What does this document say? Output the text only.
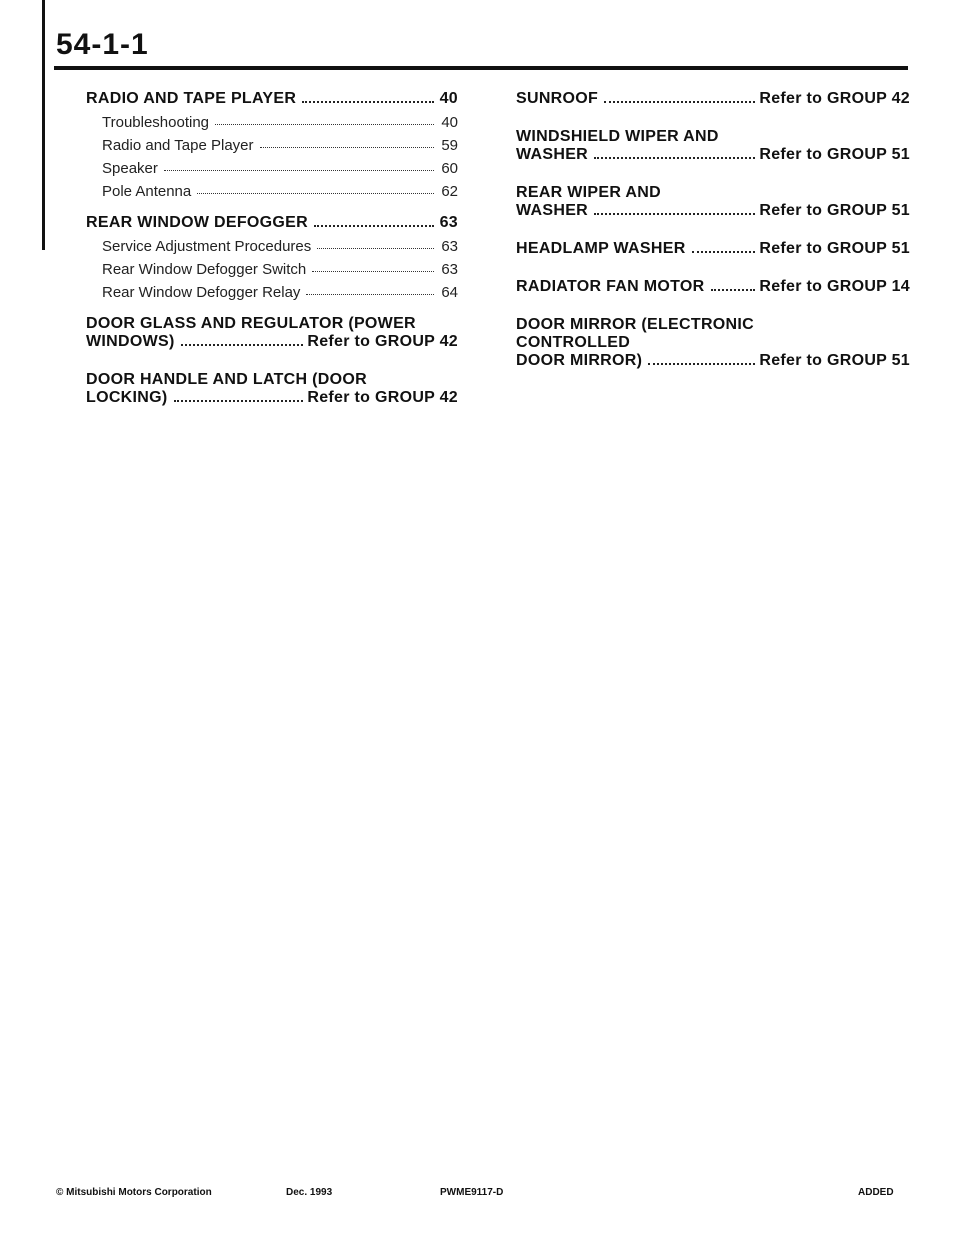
54-1-1
RADIO AND TAPE PLAYER	40
Troubleshooting	40
Radio and Tape Player	59
Speaker	60
Pole Antenna	62
REAR WINDOW DEFOGGER	63
Service Adjustment Procedures	63
Rear Window Defogger Switch	63
Rear Window Defogger Relay	64
DOOR GLASS AND REGULATOR (POWER
WINDOWS)	Refer to GROUP 42
DOOR HANDLE AND LATCH (DOOR
LOCKING)	Refer to GROUP 42
SUNROOF	Refer to GROUP 42
WINDSHIELD WIPER AND
WASHER	Refer to GROUP 51
REAR WIPER AND
WASHER	Refer to GROUP 51
HEADLAMP WASHER	Refer to GROUP 51
RADIATOR FAN MOTOR	Refer to GROUP 14
DOOR MIRROR (ELECTRONIC
CONTROLLED
DOOR MIRROR)	Refer to GROUP 51
© Mitsubishi Motors Corporation	Dec. 1993	PWME9117-D	ADDED
